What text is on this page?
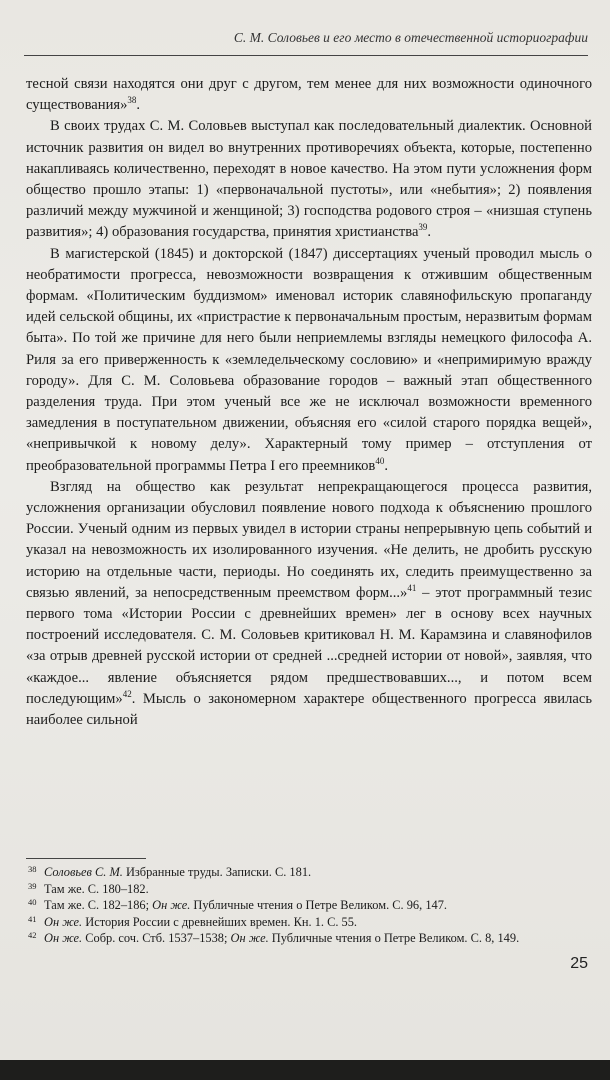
С. М. Соловьев и его место в отечественной историографии

тесной связи находятся они друг с другом, тем менее для них возможности одиночного существования»$^{38}$.

В своих трудах С. М. Соловьев выступал как последовательный диалектик. Основной источник развития он видел во внутренних противоречиях объекта, которые, постепенно накапливаясь количественно, переходят в новое качество. На этом пути усложнения форм общество прошло этапы: 1) «первоначальной пустоты», или «небытия»; 2) появления различий между мужчиной и женщиной; 3) господства родового строя – «низшая ступень развития»; 4) образования государства, принятия христианства$^{39}$.

В магистерской (1845) и докторской (1847) диссертациях ученый проводил мысль о необратимости прогресса, невозможности возвращения к отжившим общественным формам. «Политическим буддизмом» именовал историк славянофильскую пропаганду идей сельской общины, их «пристрастие к первоначальным простым, неразвитым формам быта». По той же причине для него были неприемлемы взгляды немецкого философа А. Риля за его приверженность к «земледельческому сословию» и «непримиримую вражду городу». Для С. М. Соловьева образование городов – важный этап общественного разделения труда. При этом ученый все же не исключал возможности временного замедления в поступательном движении, объясняя его «силой старого порядка вещей», «непривычкой к новому делу». Характерный тому пример – отступления от преобразовательной программы Петра I его преемников$^{40}$.

Взгляд на общество как результат непрекращающегося процесса развития, усложнения организации обусловил появление нового подхода к объяснению прошлого России. Ученый одним из первых увидел в истории страны непрерывную цепь событий и указал на невозможность их изолированного изучения. «Не делить, не дробить русскую историю на отдельные части, периоды. Но соединять их, следить преимущественно за связью явлений, за непосредственным преемством форм...»$^{41}$ – этот программный тезис первого тома «Истории России с древнейших времен» лег в основу всех научных построений исследователя. С. М. Соловьев критиковал Н. М. Карамзина и славянофилов «за отрыв древней русской истории от средней ...средней истории от новой», заявляя, что «каждое... явление объясняется рядом предшествовавших..., и потом всем последующим»$^{42}$. Мысль о закономерном характере общественного прогресса явилась наиболее сильной

38 Соловьев С. М. Избранные труды. Записки. С. 181.
39 Там же. С. 180–182.
40 Там же. С. 182–186; Он же. Публичные чтения о Петре Великом. С. 96, 147.
41 Он же. История России с древнейших времен. Кн. 1. С. 55.
42 Он же. Собр. соч. Стб. 1537–1538; Он же. Публичные чтения о Петре Великом. С. 8, 149.
25
